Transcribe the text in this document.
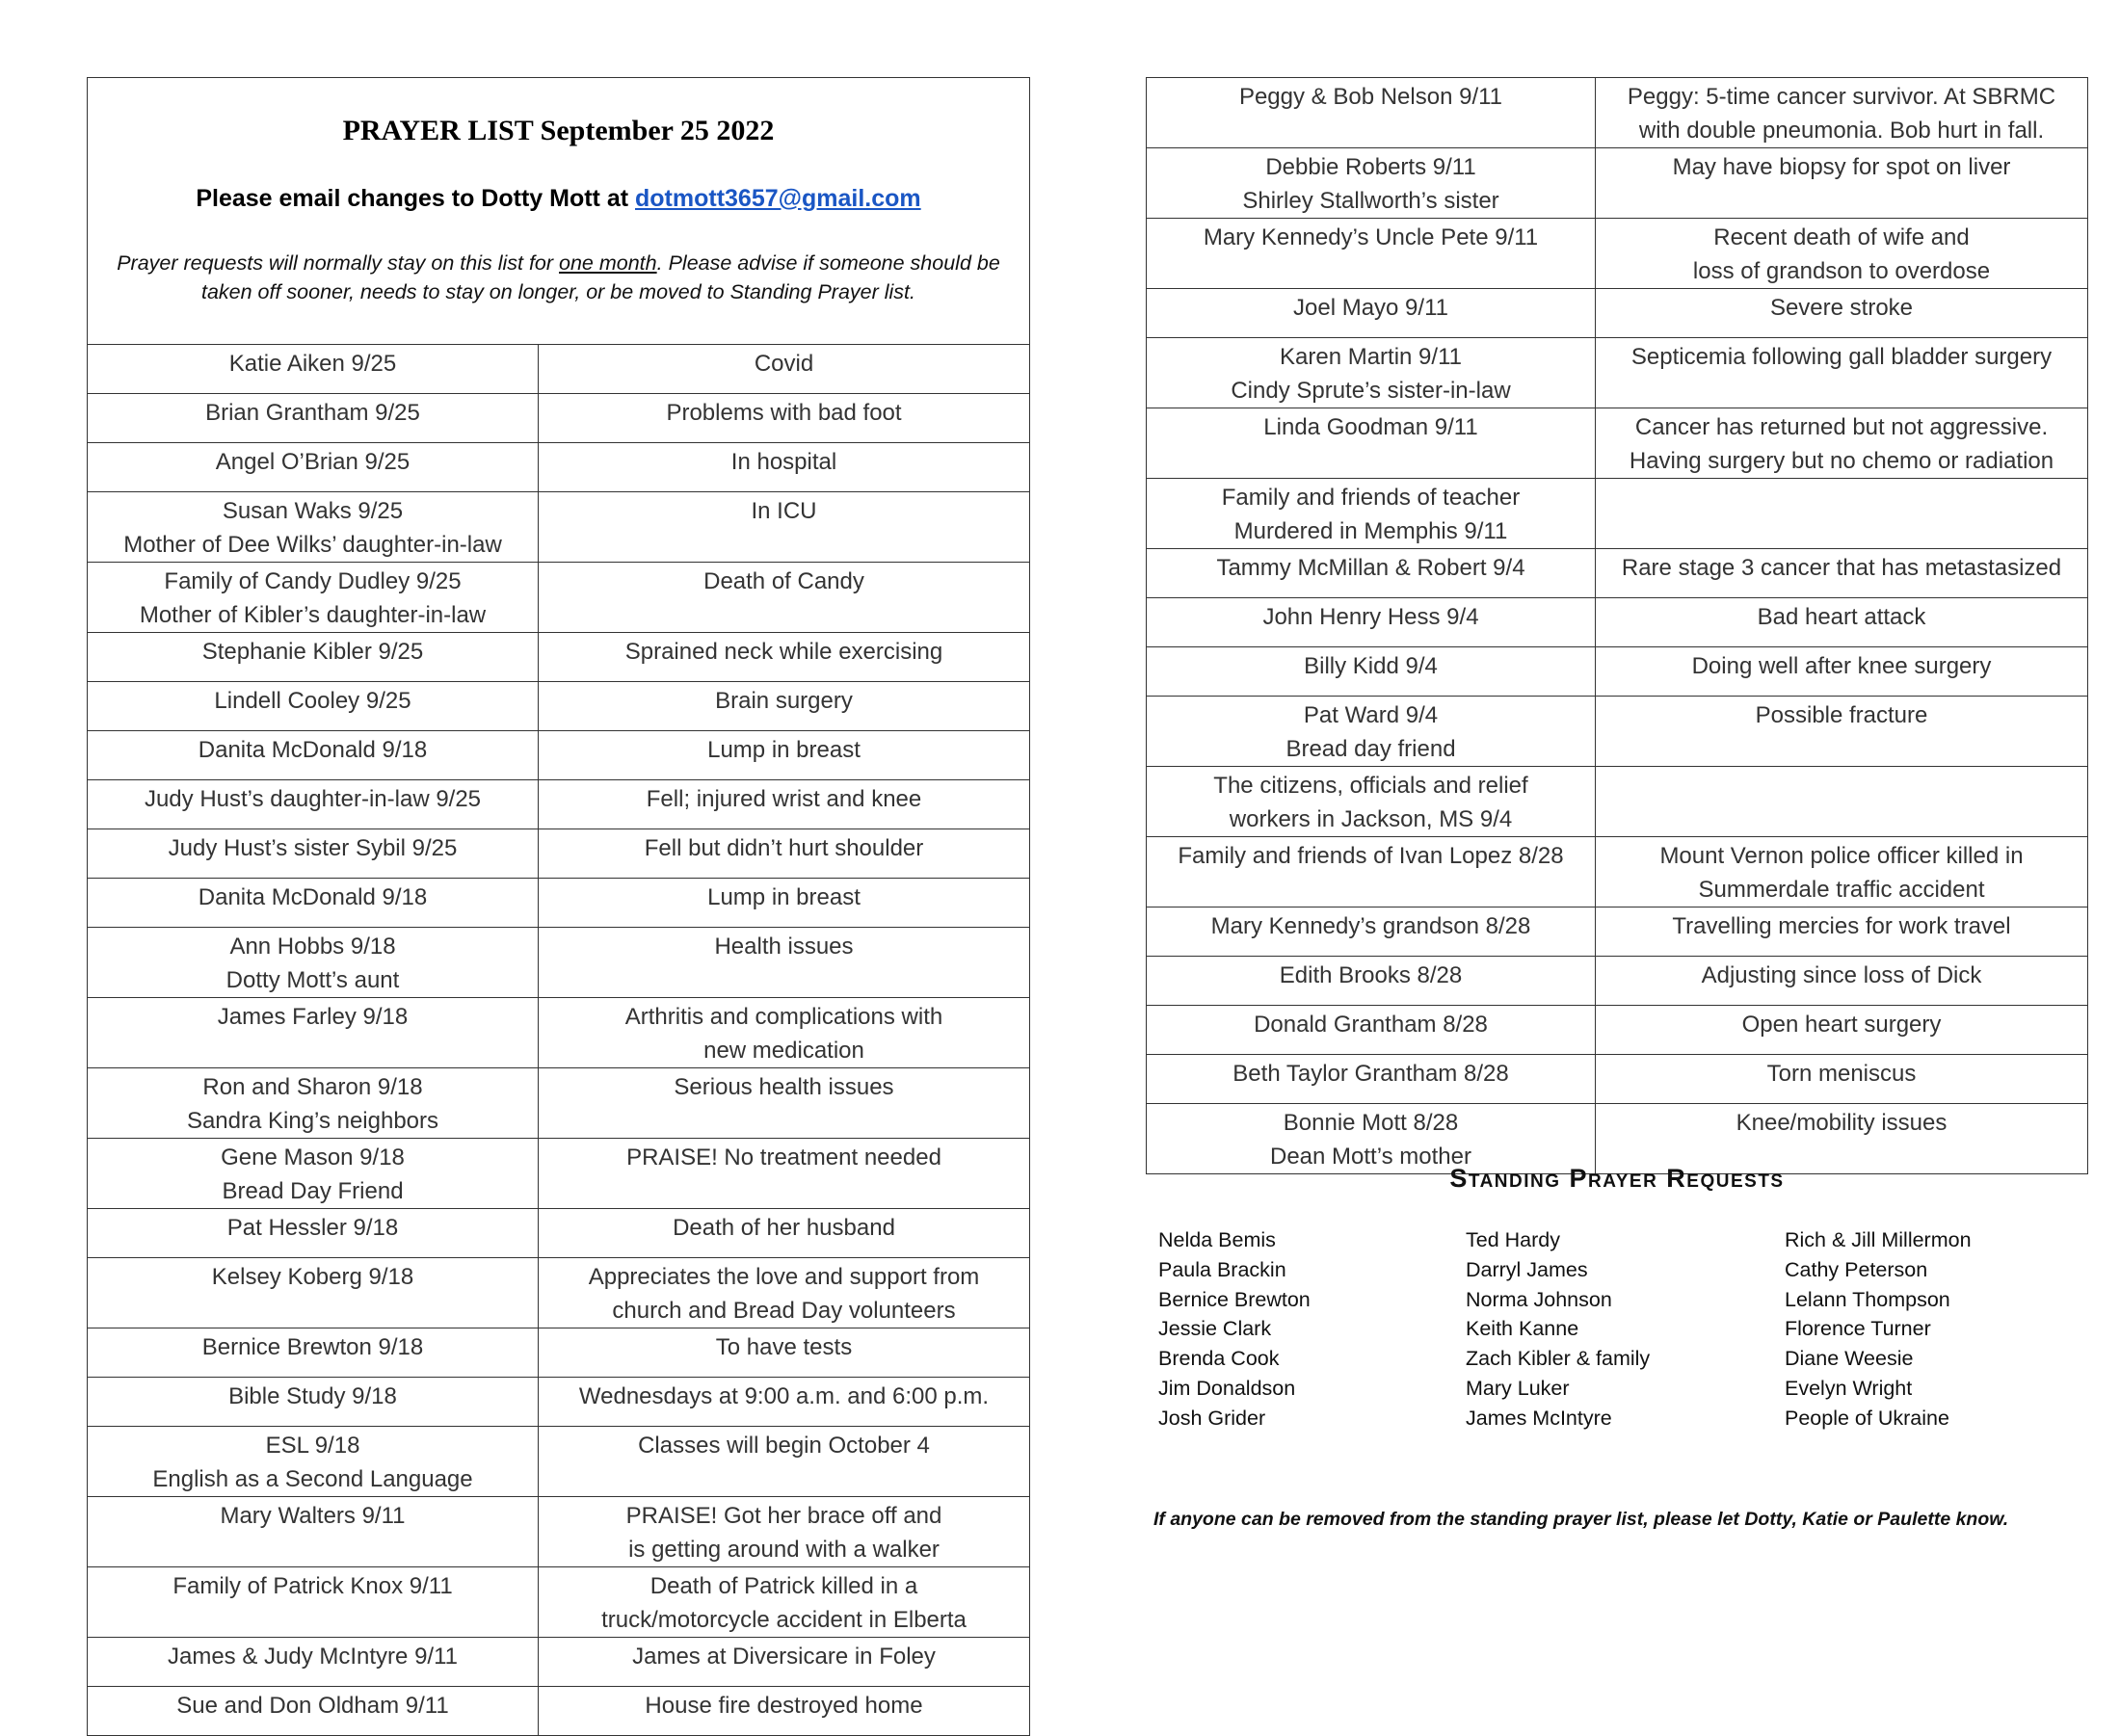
PRAYER LIST September 25 2022

Please email changes to Dotty Mott at dotmott3657@gmail.com

Prayer requests will normally stay on this list for one month. Please advise if someone should be taken off sooner, needs to stay on longer, or be moved to Standing Prayer list.	

Katie Aiken 9/25	Covid
Brian Grantham 9/25	Problems with bad foot
Angel O’Brian 9/25	In hospital
Susan Waks 9/25
Mother of Dee Wilks’ daughter-in-law	In ICU
Family of Candy Dudley 9/25
Mother of Kibler’s daughter-in-law	Death of Candy
Stephanie Kibler 9/25	Sprained neck while exercising
Lindell Cooley 9/25	Brain surgery
Danita McDonald 9/18	Lump in breast
Judy Hust’s daughter-in-law 9/25	Fell; injured wrist and knee
Judy Hust’s sister Sybil 9/25	Fell but didn’t hurt shoulder
Danita McDonald 9/18	Lump in breast
Ann Hobbs 9/18
Dotty Mott’s aunt	Health issues
James Farley 9/18	Arthritis and complications with
new medication
Ron and Sharon 9/18
Sandra King’s neighbors	Serious health issues
Gene Mason 9/18
Bread Day Friend	PRAISE! No treatment needed
Pat Hessler 9/18	Death of her husband
Kelsey Koberg 9/18	Appreciates the love and support from
church and Bread Day volunteers
Bernice Brewton 9/18	To have tests
Bible Study 9/18	Wednesdays at 9:00 a.m. and 6:00 p.m.
ESL 9/18
English as a Second Language	Classes will begin October 4
Mary Walters 9/11	PRAISE! Got her brace off and
is getting around with a walker
Family of Patrick Knox 9/11	Death of Patrick killed in a
truck/motorcycle accident in Elberta
James & Judy McIntyre 9/11	James at Diversicare in Foley
Sue and Don Oldham 9/11	House fire destroyed home
Peggy & Bob Nelson 9/11	Peggy: 5-time cancer survivor. At SBRMC
with double pneumonia. Bob hurt in fall.
Debbie Roberts 9/11
Shirley Stallworth’s sister	May have biopsy for spot on liver
Mary Kennedy’s Uncle Pete 9/11	Recent death of wife and
loss of grandson to overdose
Joel Mayo 9/11	Severe stroke
Karen Martin 9/11
Cindy Sprute’s sister-in-law	Septicemia following gall bladder surgery
Linda Goodman 9/11	Cancer has returned but not aggressive.
Having surgery but no chemo or radiation
Family and friends of teacher
Murdered in Memphis 9/11	
Tammy McMillan & Robert 9/4	Rare stage 3 cancer that has metastasized
John Henry Hess 9/4	Bad heart attack
Billy Kidd 9/4	Doing well after knee surgery
Pat Ward 9/4
Bread day friend	Possible fracture
The citizens, officials and relief
workers in Jackson, MS 9/4	
Family and friends of Ivan Lopez 8/28	Mount Vernon police officer killed in
Summerdale traffic accident
Mary Kennedy’s grandson 8/28	Travelling mercies for work travel
Edith Brooks 8/28	Adjusting since loss of Dick
Donald Grantham 8/28	Open heart surgery
Beth Taylor Grantham 8/28	Torn meniscus
Bonnie Mott 8/28
Dean Mott’s mother	Knee/mobility issues
Standing Prayer Requests
Nelda Bemis
Paula Brackin
Bernice Brewton
Jessie Clark
Brenda Cook
Jim Donaldson
Josh Grider
Ted Hardy
Darryl James
Norma Johnson
Keith Kanne
Zach Kibler & family
Mary Luker
James McIntyre
Rich & Jill Millermon
Cathy Peterson
Lelann Thompson
Florence Turner
Diane Weesie
Evelyn Wright
People of Ukraine
If anyone can be removed from the standing prayer list, please let Dotty, Katie or Paulette know.
